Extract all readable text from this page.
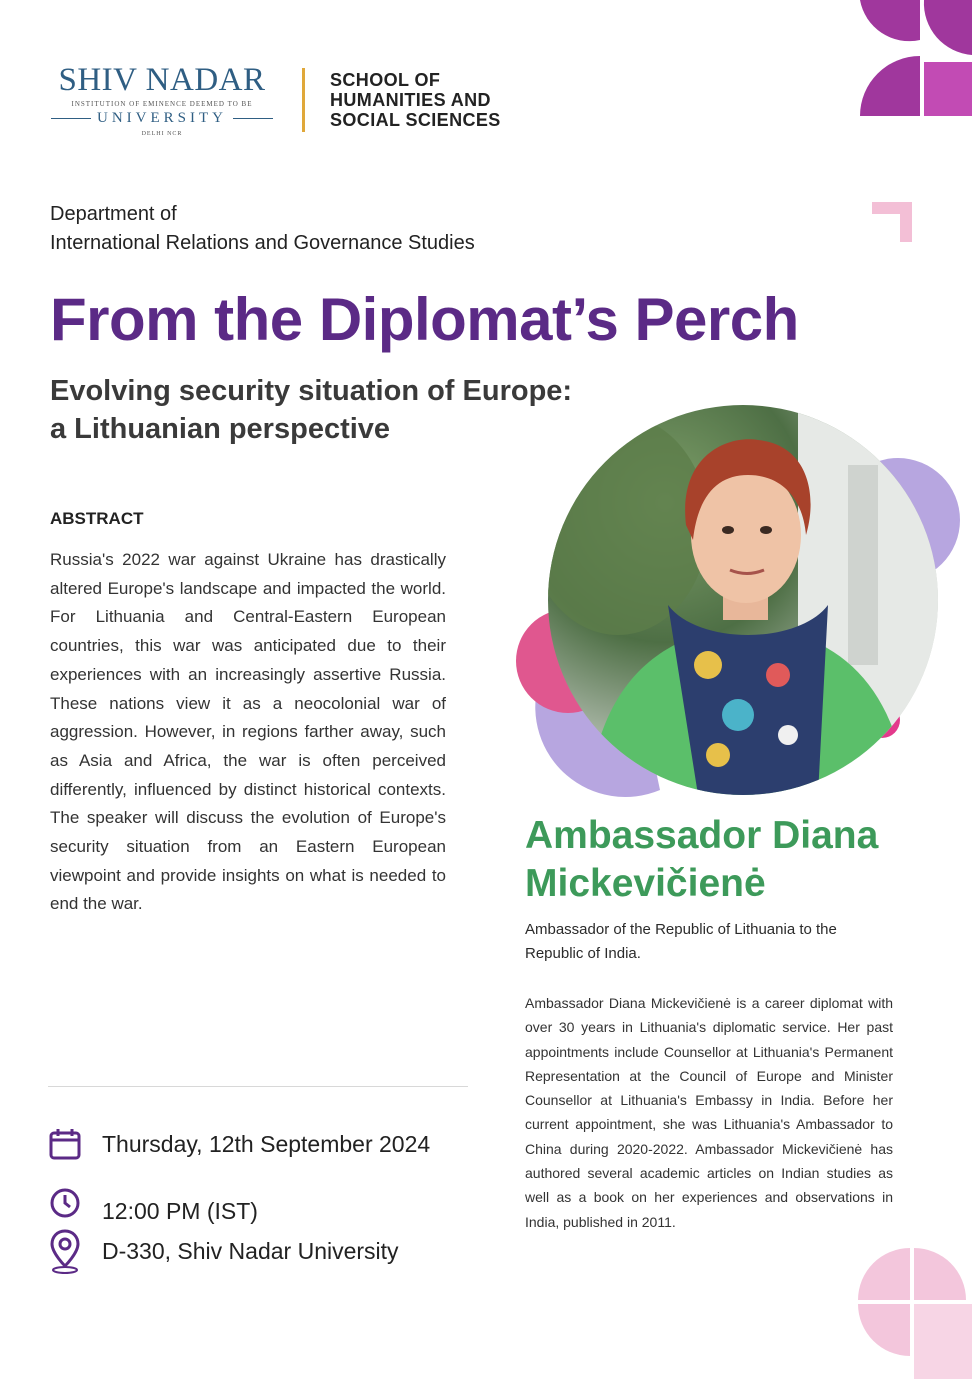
SHIV NADAR
INSTITUTION OF EMINENCE DEEMED TO BE
UNIVERSITY
DELHI NCR
SCHOOL OF
HUMANITIES AND
SOCIAL SCIENCES
Department of
International Relations and Governance Studies
From the Diplomat’s Perch
Evolving security situation of Europe:
a Lithuanian perspective
ABSTRACT
Russia's 2022 war against Ukraine has drastically altered Europe's landscape and impacted the world. For Lithuania and Central-Eastern European countries, this war was anticipated due to their experiences with an increasingly assertive Russia. These nations view it as a neocolonial war of aggression. However, in regions farther away, such as Asia and Africa, the war is often perceived differently, influenced by distinct historical contexts. The speaker will discuss the evolution of Europe's security situation from an Eastern European viewpoint and provide insights on what is needed to end the war.
Thursday, 12th September 2024
12:00 PM (IST)
D-330, Shiv Nadar University
Ambassador Diana
Mickevičienė
Ambassador of the Republic of Lithuania to the Republic of India.
Ambassador Diana Mickevičienė is a career diplomat with over 30 years in Lithuania's diplomatic service. Her past appointments include Counsellor at Lithuania's Permanent Representation at the Council of Europe and Minister Counsellor at Lithuania's Embassy in India. Before her current appointment, she was Lithuania's Ambassador to China during 2020-2022. Ambassador Mickevičienė has authored several academic articles on Indian studies as well as a book on her experiences and observations in India, published in 2011.
